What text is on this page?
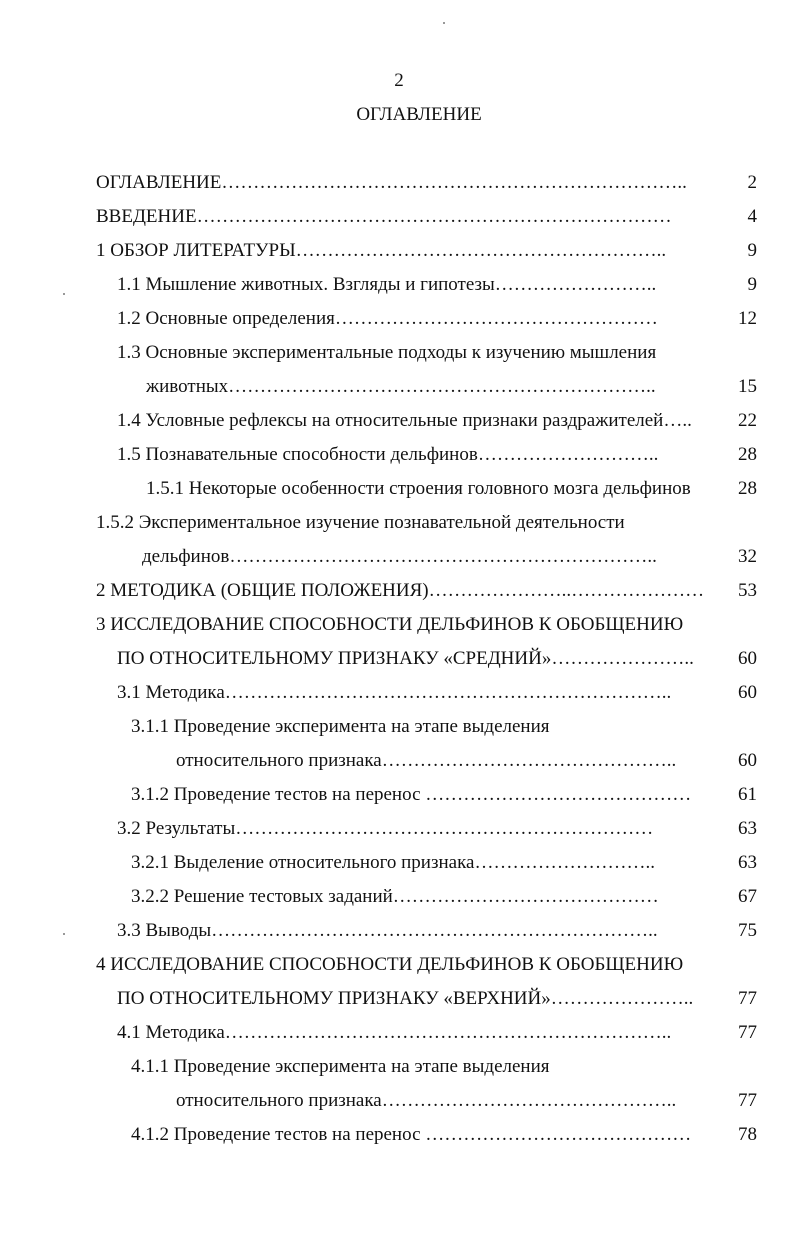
2
ОГЛАВЛЕНИЕ
ОГЛАВЛЕНИЕ………………………………………………………………..	2
ВВЕДЕНИЕ…………………………………………………………………	4
1 ОБЗОР ЛИТЕРАТУРЫ…………………………………………………..	9
1.1 Мышление животных. Взгляды и гипотезы……………………..	9
1.2 Основные определения……………………………………………	12
1.3 Основные экспериментальные подходы к изучению мышления
животных…………………………………………………………..	15
1.4 Условные рефлексы на относительные признаки раздражителей….. 22
1.5 Познавательные способности дельфинов………………………..	28
1.5.1 Некоторые особенности строения головного мозга дельфинов 28
1.5.2 Экспериментальное изучение познавательной деятельности
дельфинов…………………………………………………………..	32
2 МЕТОДИКА (ОБЩИЕ ПОЛОЖЕНИЯ)…………………..………………… 53
3 ИССЛЕДОВАНИЕ СПОСОБНОСТИ ДЕЛЬФИНОВ К ОБОБЩЕНИЮ
ПО ОТНОСИТЕЛЬНОМУ ПРИЗНАКУ «СРЕДНИЙ»………………….. 60
3.1 Методика……………………………………………………………..	60
3.1.1 Проведение эксперимента на этапе выделения
относительного признака………………………………………..	60
3.1.2 Проведение тестов на перенос …………………………………… 61
3.2 Результаты…………………………………………………………	63
3.2.1 Выделение относительного признака………………………..	63
3.2.2 Решение тестовых заданий……………………………………	67
3.3 Выводы……………………………………………………………..	75
4 ИССЛЕДОВАНИЕ СПОСОБНОСТИ ДЕЛЬФИНОВ К ОБОБЩЕНИЮ
ПО ОТНОСИТЕЛЬНОМУ ПРИЗНАКУ «ВЕРХНИЙ»………………….. 77
4.1 Методика……………………………………………………………..	77
4.1.1 Проведение эксперимента на этапе выделения
относительного признака………………………………………..	77
4.1.2 Проведение тестов на перенос …………………………………… 78
